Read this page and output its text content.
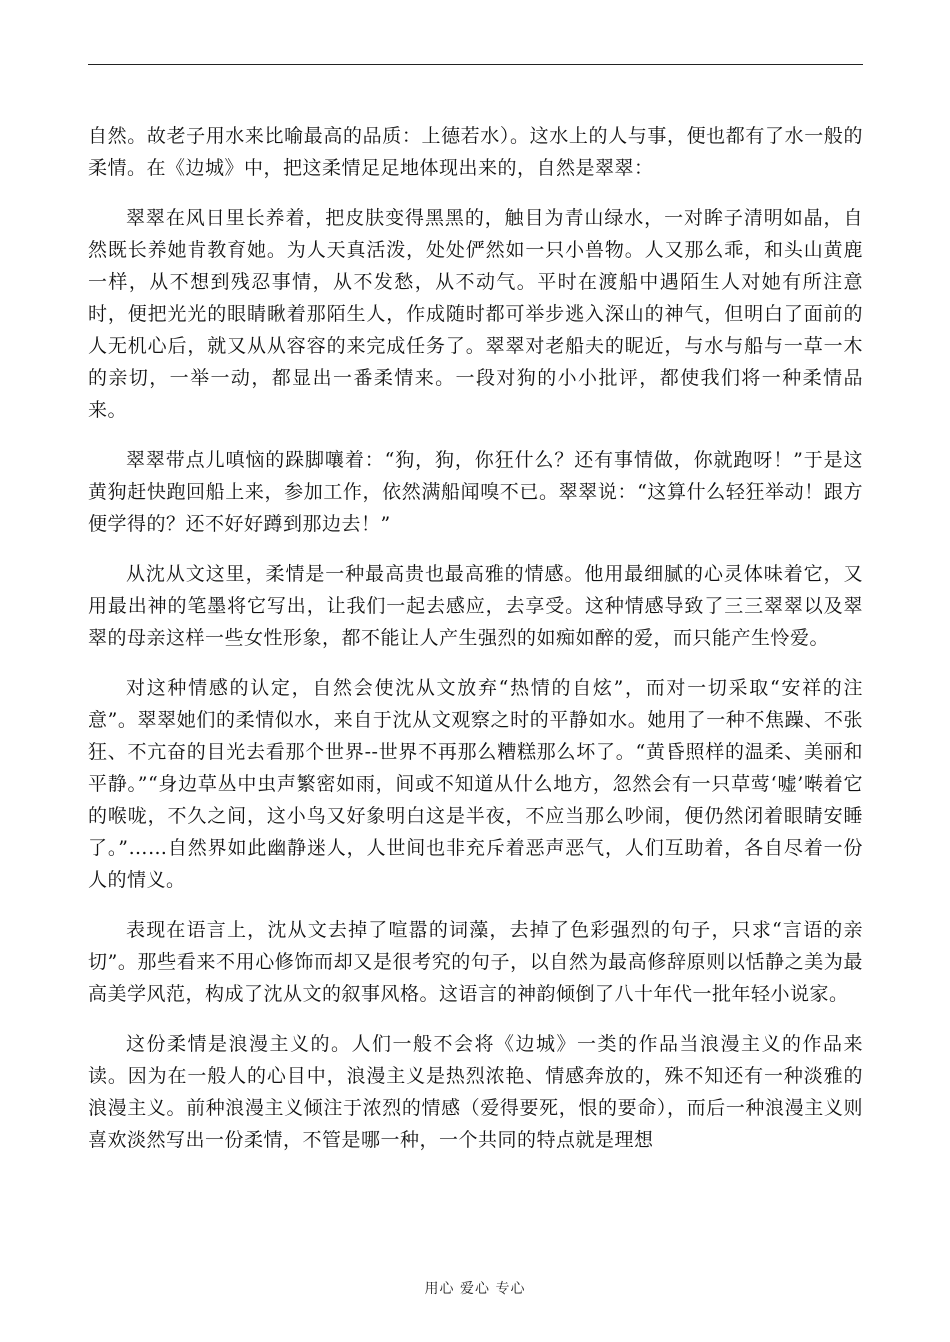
自然。故老子用水来比喻最高的品质：上德若水）。这水上的人与事，便也都有了水一般的柔情。在《边城》中，把这柔情足足地体现出来的，自然是翠翠：

翠翠在风日里长养着，把皮肤变得黑黑的，触目为青山绿水，一对眸子清明如晶，自然既长养她肯教育她。为人天真活泼，处处俨然如一只小兽物。人又那么乖，和头山黄鹿一样，从不想到残忍事情，从不发愁，从不动气。平时在渡船中遇陌生人对她有所注意时，便把光光的眼睛瞅着那陌生人，作成随时都可举步逃入深山的神气，但明白了面前的人无机心后，就又从从容容的来完成任务了。翠翠对老船夫的昵近，与水与船与一草一木的亲切，一举一动，都显出一番柔情来。一段对狗的小小批评，都使我们将一种柔情品来。

翠翠带点儿嗔恼的跺脚嚷着：“狗，狗，你狂什么？还有事情做，你就跑呀！”于是这黄狗赶快跑回船上来，参加工作，依然满船闻嗅不已。翠翠说：“这算什么轻狂举动！跟方便学得的？还不好好蹲到那边去！”

从沈从文这里，柔情是一种最高贵也最高雅的情感。他用最细腻的心灵体味着它，又用最出神的笔墨将它写出，让我们一起去感应，去享受。这种情感导致了三三翠翠以及翠翠的母亲这样一些女性形象，都不能让人产生强烈的如痴如醉的爱，而只能产生怜爱。

对这种情感的认定，自然会使沈从文放弃“热情的自炫”，而对一切采取“安祥的注意”。翠翠她们的柔情似水，来自于沈从文观察之时的平静如水。她用了一种不焦躁、不张狂、不亢奋的目光去看那个世界--世界不再那么糟糕那么坏了。“黄昏照样的温柔、美丽和平静。”“身边草丛中虫声繁密如雨，间或不知道从什么地方，忽然会有一只草莺‘嘘’啭着它的喉咙，不久之间，这小鸟又好象明白这是半夜，不应当那么吵闹，便仍然闭着眼睛安睡了。”……自然界如此幽静迷人，人世间也非充斥着恶声恶气，人们互助着，各自尽着一份人的情义。

表现在语言上，沈从文去掉了喧嚣的词藻，去掉了色彩强烈的句子，只求“言语的亲切”。那些看来不用心修饰而却又是很考究的句子，以自然为最高修辞原则以恬静之美为最高美学风范，构成了沈从文的叙事风格。这语言的神韵倾倒了八十年代一批年轻小说家。

这份柔情是浪漫主义的。人们一般不会将《边城》一类的作品当浪漫主义的作品来读。因为在一般人的心目中，浪漫主义是热烈浓艳、情感奔放的，殊不知还有一种淡雅的浪漫主义。前种浪漫主义倾注于浓烈的情感（爱得要死，恨的要命），而后一种浪漫主义则喜欢淡然写出一份柔情，不管是哪一种，一个共同的特点就是理想

用心 爱心 专心
